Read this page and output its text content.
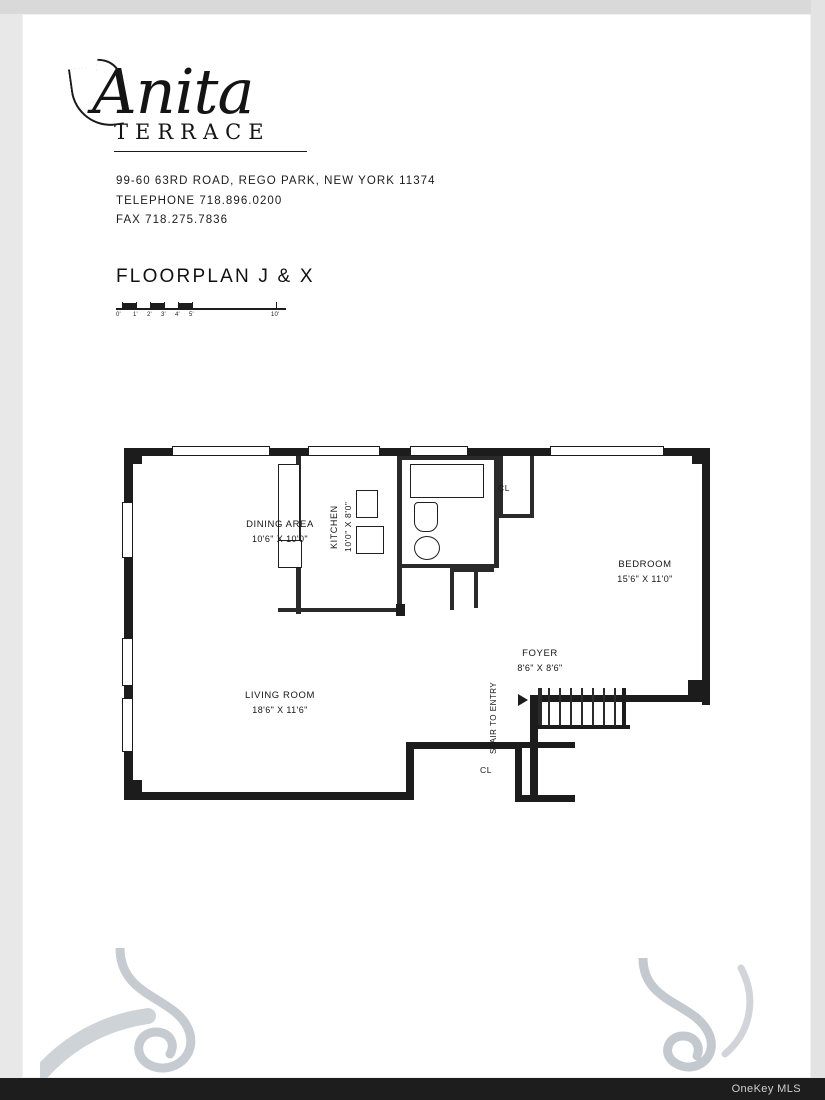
Anita
TERRACE
99-60 63RD ROAD, REGO PARK, NEW YORK 11374
TELEPHONE 718.896.0200
FAX 718.275.7836
FLOORPLAN J & X
0' 1' 2' 3' 4' 5'	10'
DINING AREA
10'6" X 10'0"	KITCHEN 10'0" X 8'0"
BEDROOM
15'6" X 11'0"
FOYER
8'6" X 8'6"
LIVING ROOM
18'6" X 11'6"
CL
CL
STAIR TO ENTRY
OneKey MLS
